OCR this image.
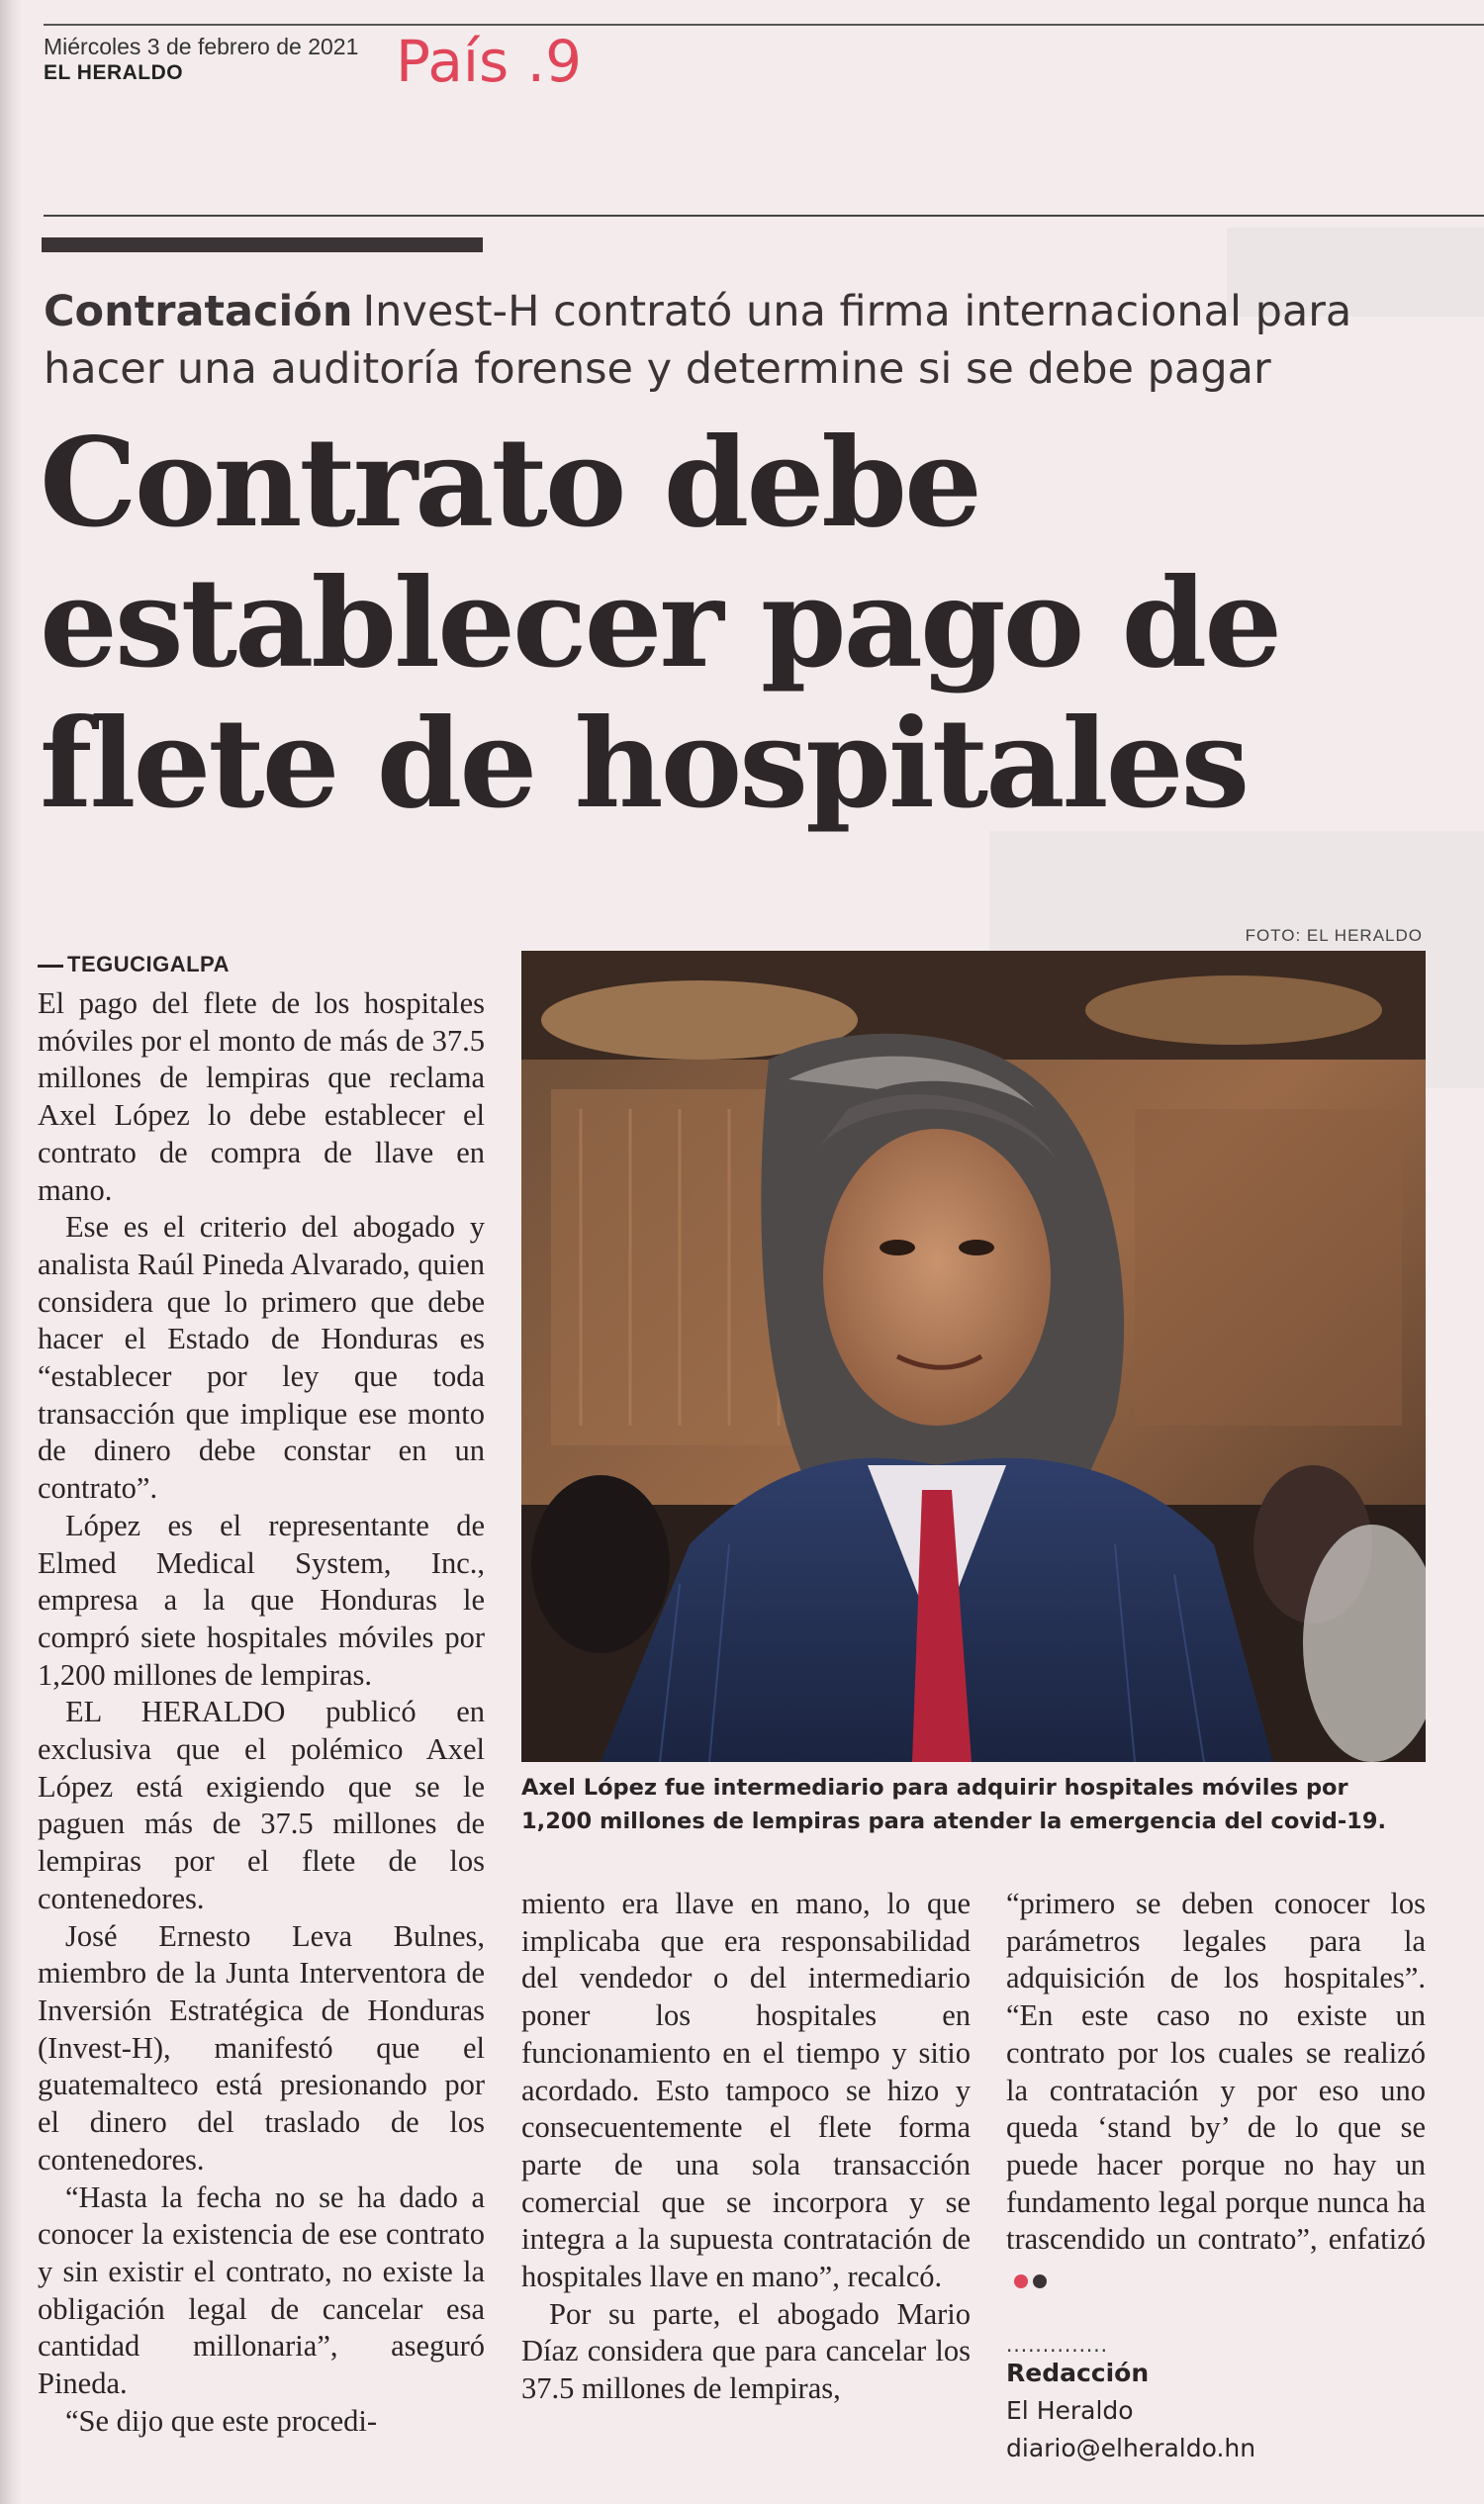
Miércoles 3 de febrero de 2021
EL HERALDO	País .9
Contratación Invest-H contrató una firma internacional para hacer una auditoría forense y determine si se debe pagar
Contrato debe
establecer pago de
flete de hospitales
FOTO: EL HERALDO
Axel López fue intermediario para adquirir hospitales móviles por 1,200 millones de lempiras para atender la emergencia del covid-19.

TEGUCIGALPA

El pago del flete de los hospitales móviles por el monto de más de 37.5 millones de lempiras que reclama Axel López lo debe establecer el contrato de compra de llave en mano.

Ese es el criterio del abogado y analista Raúl Pineda Alvarado, quien considera que lo primero que debe hacer el Estado de Honduras es “establecer por ley que toda transacción que implique ese monto de dinero debe constar en un contrato”.

López es el representante de Elmed Medical System, Inc., empresa a la que Honduras le compró siete hospitales móviles por 1,200 millones de lempiras.

EL HERALDO publicó en exclusiva que el polémico Axel López está exigiendo que se le paguen más de 37.5 millones de lempiras por el flete de los contenedores.

José Ernesto Leva Bulnes, miembro de la Junta Interventora de Inversión Estratégica de Honduras (Invest-H), manifestó que el guatemalteco está presionando por el dinero del traslado de los contenedores.

“Hasta la fecha no se ha dado a conocer la existencia de ese contrato y sin existir el contrato, no existe la obligación legal de cancelar esa cantidad millonaria”, aseguró Pineda.

“Se dijo que este procedi-

miento era llave en mano, lo que implicaba que era responsabilidad del vendedor o del intermediario poner los hospitales en funcionamiento en el tiempo y sitio acordado. Esto tampoco se hizo y consecuentemente el flete forma parte de una sola transacción comercial que se incorpora y se integra a la supuesta contratación de hospitales llave en mano”, recalcó.

Por su parte, el abogado Mario Díaz considera que para cancelar los 37.5 millones de lempiras,

“primero se deben conocer los parámetros legales para la adquisición de los hospitales”. “En este caso no existe un contrato por los cuales se realizó la contratación y por eso uno queda ‘stand by’ de lo que se puede hacer porque no hay un fundamento legal porque nunca ha trascendido un contrato”, enfatizó

..............
Redacción
El Heraldo
diario@elheraldo.hn
